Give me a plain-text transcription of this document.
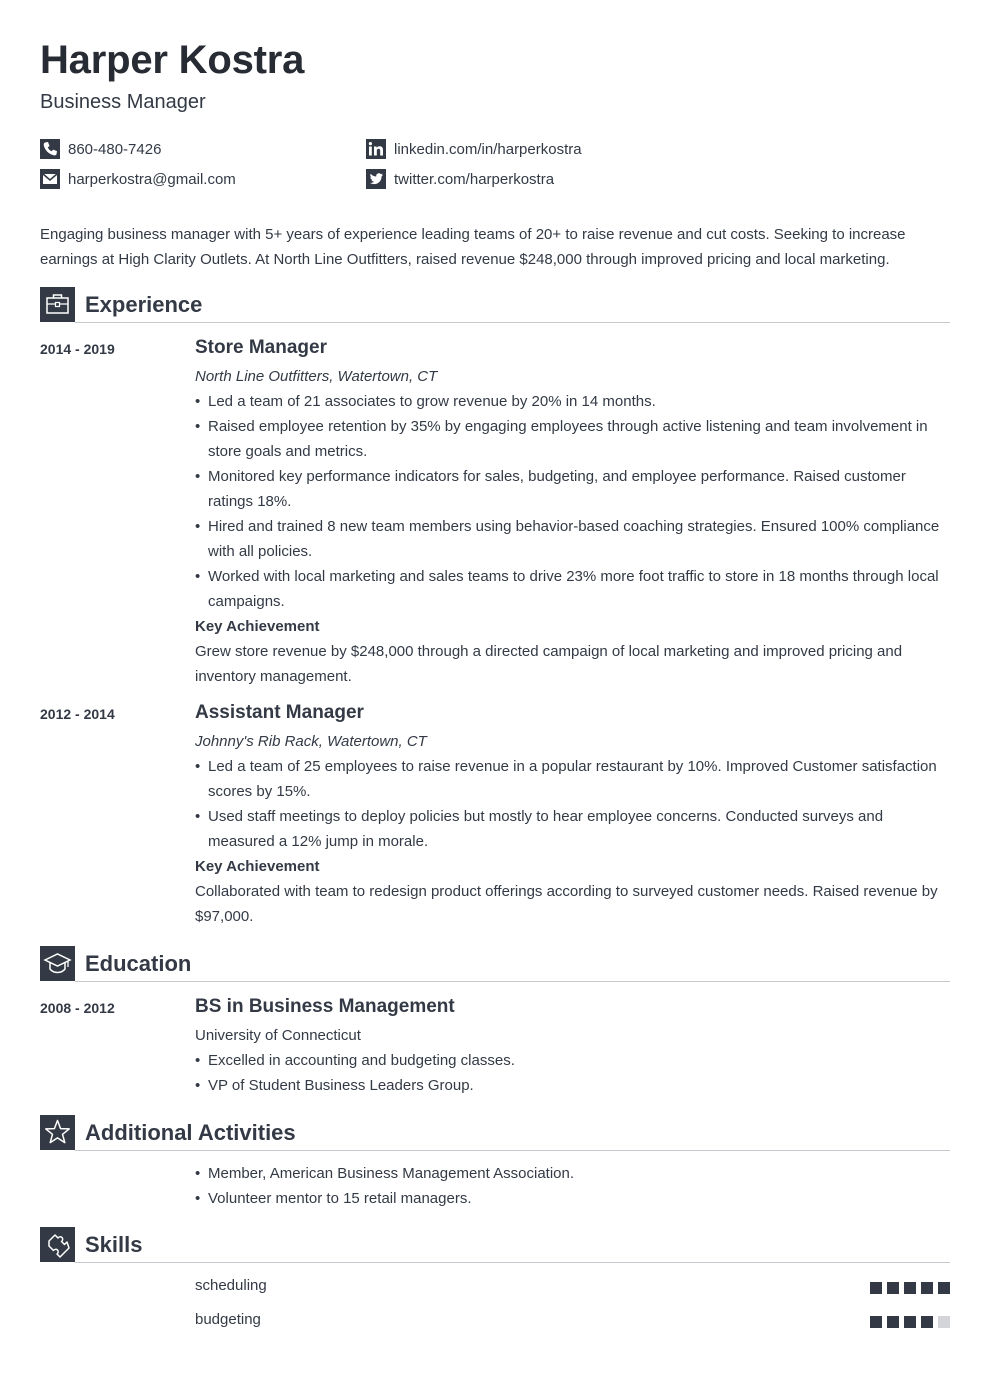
Harper Kostra
Business Manager
860-480-7426
harperkostra@gmail.com
linkedin.com/in/harperkostra
twitter.com/harperkostra
Engaging business manager with 5+ years of experience leading teams of 20+ to raise revenue and cut costs. Seeking to increase earnings at High Clarity Outlets. At North Line Outfitters, raised revenue $248,000 through improved pricing and local marketing.
Experience
2014 - 2019	Store Manager
North Line Outfitters, Watertown, CT
• Led a team of 21 associates to grow revenue by 20% in 14 months.
• Raised employee retention by 35% by engaging employees through active listening and team involvement in store goals and metrics.
• Monitored key performance indicators for sales, budgeting, and employee performance. Raised customer ratings 18%.
• Hired and trained 8 new team members using behavior-based coaching strategies. Ensured 100% compliance with all policies.
• Worked with local marketing and sales teams to drive 23% more foot traffic to store in 18 months through local campaigns.
Key Achievement
Grew store revenue by $248,000 through a directed campaign of local marketing and improved pricing and inventory management.
2012 - 2014	Assistant Manager
Johnny's Rib Rack, Watertown, CT
• Led a team of 25 employees to raise revenue in a popular restaurant by 10%. Improved Customer satisfaction scores by 15%.
• Used staff meetings to deploy policies but mostly to hear employee concerns. Conducted surveys and measured a 12% jump in morale.
Key Achievement
Collaborated with team to redesign product offerings according to surveyed customer needs. Raised revenue by $97,000.
Education
2008 - 2012	BS in Business Management
University of Connecticut
• Excelled in accounting and budgeting classes.
• VP of Student Business Leaders Group.
Additional Activities
• Member, American Business Management Association.
• Volunteer mentor to 15 retail managers.
Skills
scheduling
budgeting
